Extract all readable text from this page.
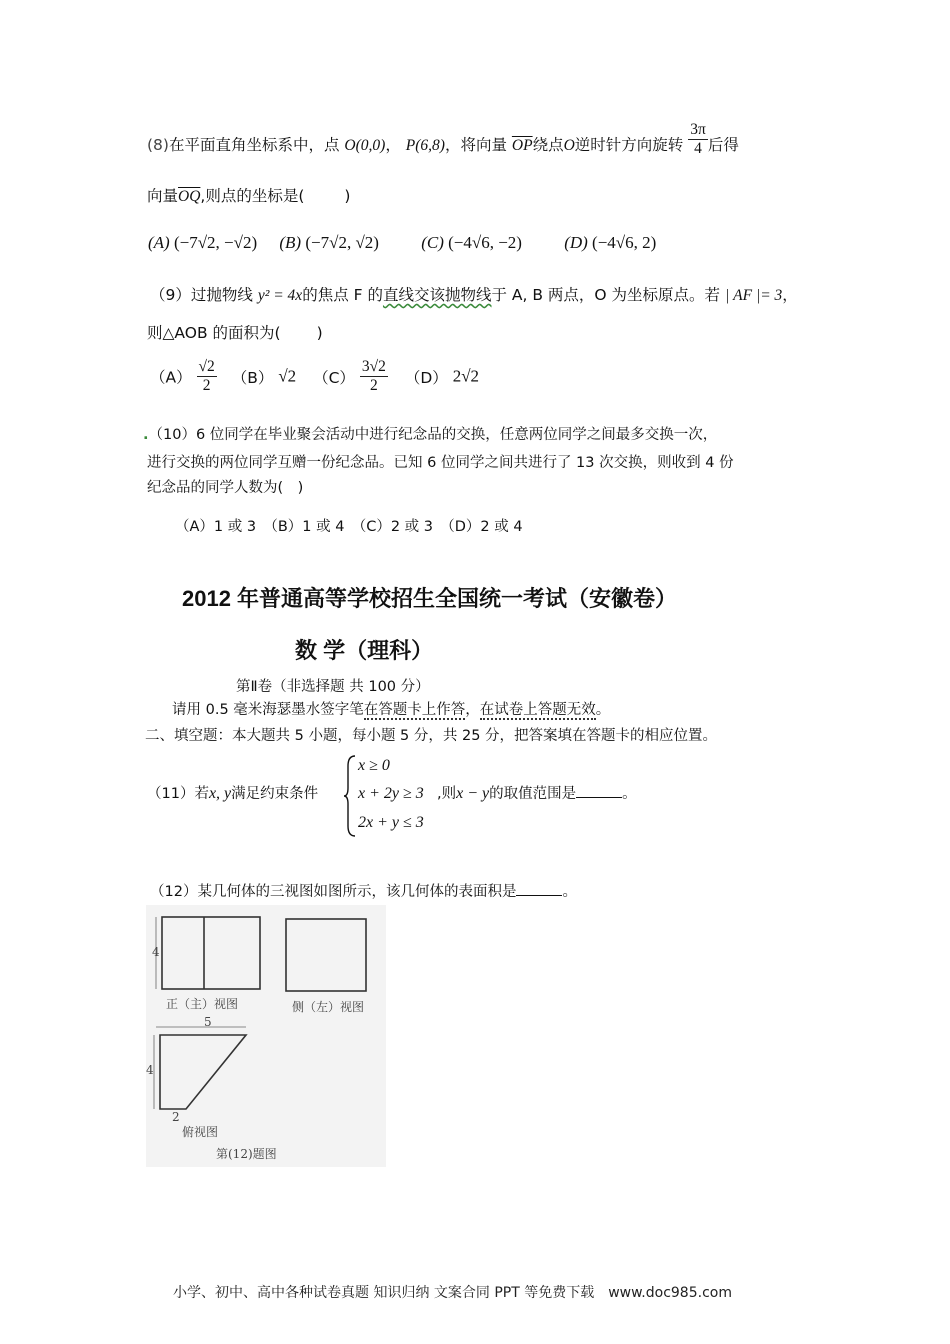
(8)在平面直角坐标系中，点 O(0,0)， P(6,8)，将向量 $\overline{OP}$绕点O逆时针方向旋转 $\frac{3\pi}{4}$ 后得
向量$\overline{OQ}$,则点的坐标是(	)
(A) (−7√2, −√2) (B) (−7√2, √2) (C) (−4√6, −2) (D) (−4√6, 2)
（9）过抛物线 y² = 4x的焦点 F 的直线交该抛物线于 A, B 两点，O 为坐标原点。若 | AF |= 3，
则△AOB 的面积为( )
$(A) \frac{√2}{2} (B)$ √2 $(C) \frac{3√2}{2} (D)$ 2√2
.（10）6 位同学在毕业聚会活动中进行纪念品的交换，任意两位同学之间最多交换一次，
进行交换的两位同学互赠一份纪念品。已知 6 位同学之间共进行了 13 次交换，则收到 4 份
纪念品的同学人数为(　)
（A）1 或 3　（B）1 或 4　（C）2 或 3　（D）2 或 4
2012 年普通高等学校招生全国统一考试（安徽卷）
数 学（理科）
第Ⅱ卷（非选择题 共 100 分）
请用 0.5 毫米海瑟墨水签字笔在答题卡上作答，在试卷上答题无效。
二、填空题：本大题共 5 小题，每小题 5 分，共 25 分，把答案填在答题卡的相应位置。
（11）若x, y满足约束条件
x ≥ 0
x + 2y ≥ 3
2x + y ≤ 3
,则x − y的取值范围是	。
（12）某几何体的三视图如图所示，该几何体的表面积是	。
4
正（主）视图	侧（左）视图
5
4
2
俯视图
第(12)题图
小学、初中、高中各种试卷真题 知识归纳 文案合同 PPT 等免费下载　www.doc985.com
